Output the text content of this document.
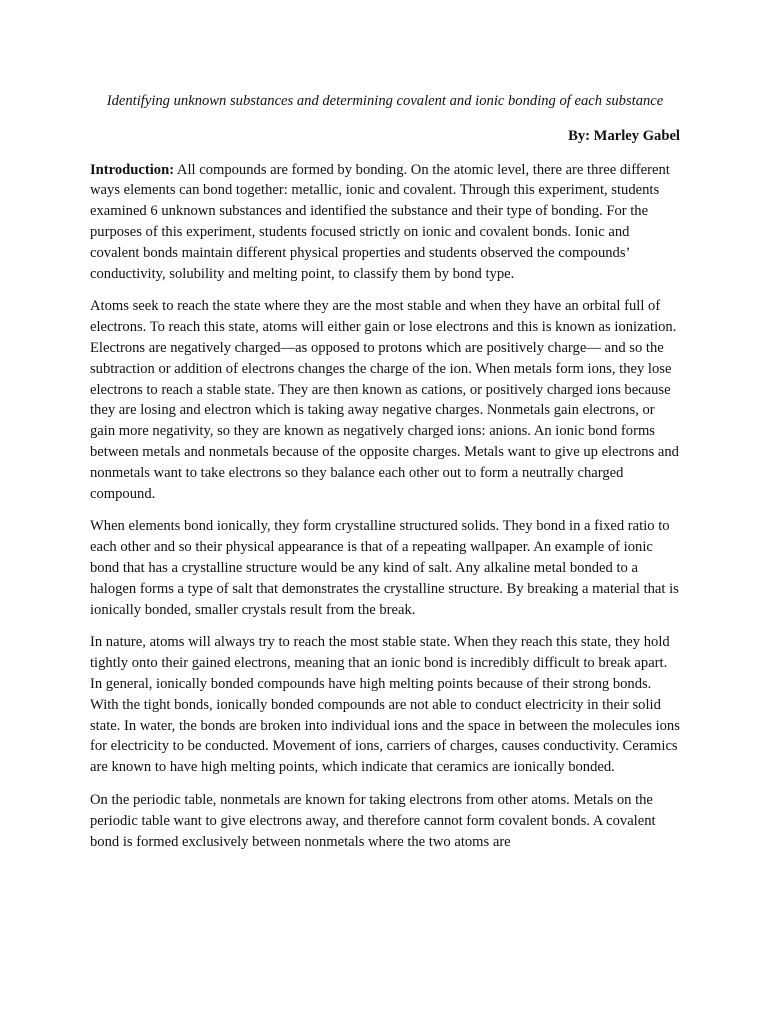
Identifying unknown substances and determining covalent and ionic bonding of each substance
By: Marley Gabel

Introduction: All compounds are formed by bonding. On the atomic level, there are three different ways elements can bond together: metallic, ionic and covalent. Through this experiment, students examined 6 unknown substances and identified the substance and their type of bonding. For the purposes of this experiment, students focused strictly on ionic and covalent bonds. Ionic and covalent bonds maintain different physical properties and students observed the compounds’ conductivity, solubility and melting point, to classify them by bond type.

Atoms seek to reach the state where they are the most stable and when they have an orbital full of electrons. To reach this state, atoms will either gain or lose electrons and this is known as ionization. Electrons are negatively charged—as opposed to protons which are positively charge— and so the subtraction or addition of electrons changes the charge of the ion. When metals form ions, they lose electrons to reach a stable state. They are then known as cations, or positively charged ions because they are losing and electron which is taking away negative charges. Nonmetals gain electrons, or gain more negativity, so they are known as negatively charged ions: anions. An ionic bond forms between metals and nonmetals because of the opposite charges. Metals want to give up electrons and nonmetals want to take electrons so they balance each other out to form a neutrally charged compound.

When elements bond ionically, they form crystalline structured solids. They bond in a fixed ratio to each other and so their physical appearance is that of a repeating wallpaper. An example of ionic bond that has a crystalline structure would be any kind of salt. Any alkaline metal bonded to a halogen forms a type of salt that demonstrates the crystalline structure. By breaking a material that is ionically bonded, smaller crystals result from the break.

In nature, atoms will always try to reach the most stable state. When they reach this state, they hold tightly onto their gained electrons, meaning that an ionic bond is incredibly difficult to break apart. In general, ionically bonded compounds have high melting points because of their strong bonds. With the tight bonds, ionically bonded compounds are not able to conduct electricity in their solid state. In water, the bonds are broken into individual ions and the space in between the molecules ions for electricity to be conducted. Movement of ions, carriers of charges, causes conductivity. Ceramics are known to have high melting points, which indicate that ceramics are ionically bonded.

On the periodic table, nonmetals are known for taking electrons from other atoms. Metals on the periodic table want to give electrons away, and therefore cannot form covalent bonds. A covalent bond is formed exclusively between nonmetals where the two atoms are
